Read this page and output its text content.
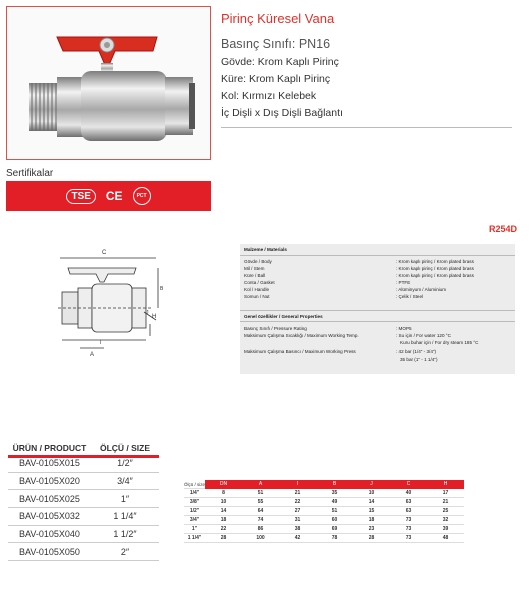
Pirinç Küresel Vana
Basınç Sınıfı: PN16
Gövde: Krom Kaplı Pirinç
Küre: Krom Kaplı Pirinç
Kol: Kırmızı Kelebek
İç Dişli x Dış Dişli Bağlantı
Sertifikalar
TSE	CE	PCT
R254D
C
H
A
I
J
B
Malzeme / Materials
Gövde / Body	: Krom kaplı pirinç / Krom plated brass
Mil / Stem	: Krom kaplı pirinç / Krom plated brass
Küre / Ball	: Krom kaplı pirinç / Krom plated brass
Conta / Gasket	: PTFE
Kol / Handle	: Alüminyum / Aluminium
Somun / Nut	: Çelik / Steel
Genel özellikler / General Properties
Basınç Sınıfı / Pressure Rating	: MOP5
Maksimum Çalışma Sıcaklığı / Maximum Working Temp.	: Su için / For water 120 °C
Kuru buhar için / For dry steam 185 °C
Maksimum Çalışma Basıncı / Maximum Working Press	: 42 bar (1/4" - 3/4")
35 bar (1" - 1 1/4")
ÜRÜN / PRODUCT	ÖLÇÜ / SIZE
BAV-0105X015	1/2″
BAV-0105X020	3/4″
BAV-0105X025	1″
BAV-0105X032	1 1/4″
BAV-0105X040	1 1/2″
BAV-0105X050	2″
Ölçü / size	DN	A	I	B	J	C	H
1/4"	8	51	21	35	10	40	17
3/8"	10	55	22	49	14	63	21
1/2"	14	64	27	51	15	63	25
3/4"	18	74	31	60	18	73	32
1"	22	86	38	69	23	73	39
1 1/4"	28	100	42	78	28	73	48
